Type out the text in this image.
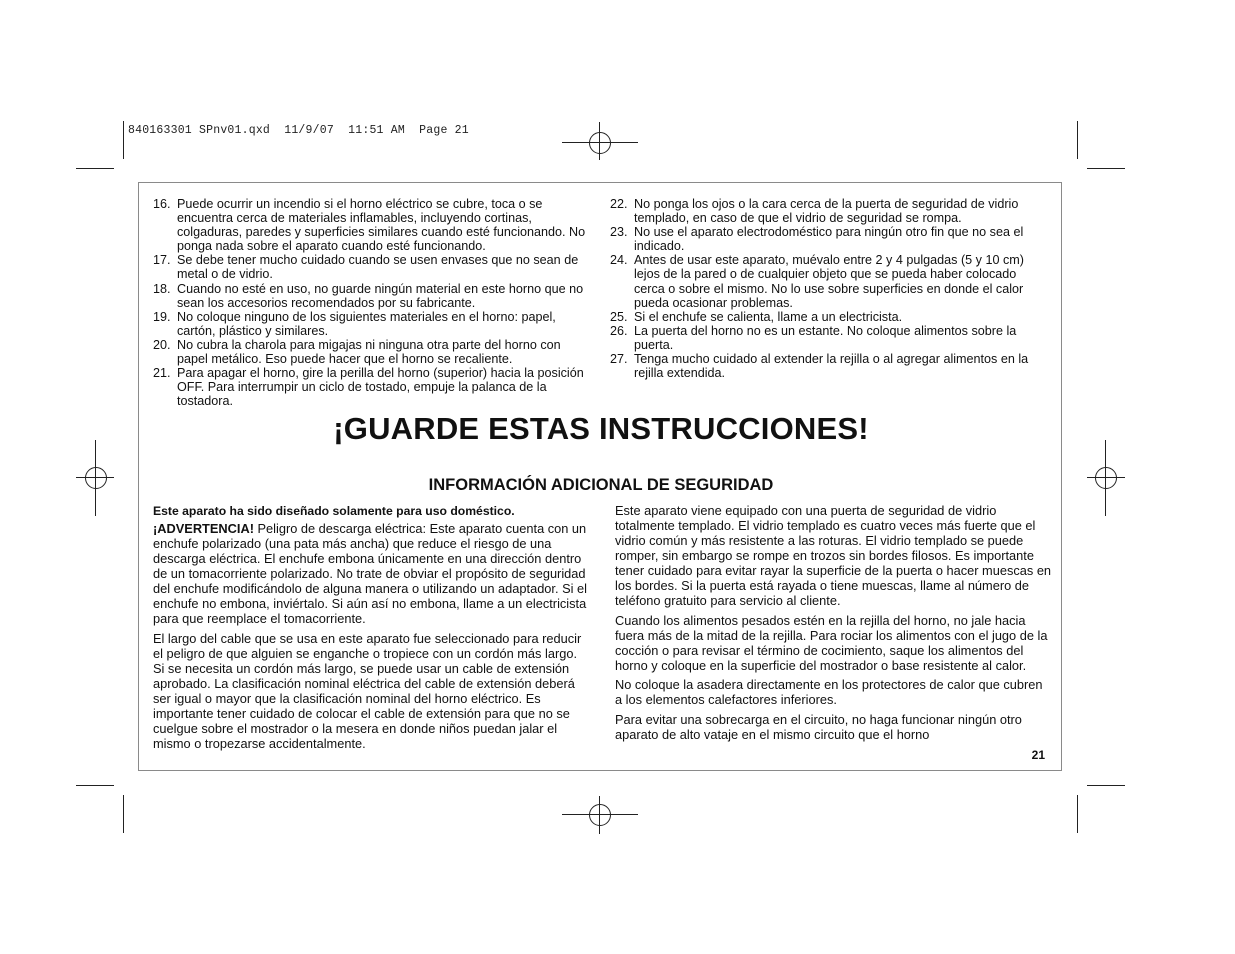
840163301 SPnv01.qxd  11/9/07  11:51 AM  Page 21
16. Puede ocurrir un incendio si el horno eléctrico se cubre, toca o se encuentra cerca de materiales inflamables, incluyendo cortinas, colgaduras, paredes y superficies similares cuando esté funcionando. No ponga nada sobre el aparato cuando esté funcionando.
17. Se debe tener mucho cuidado cuando se usen envases que no sean de metal o de vidrio.
18. Cuando no esté en uso, no guarde ningún material en este horno que no sean los accesorios recomendados por su fabricante.
19. No coloque ninguno de los siguientes materiales en el horno: papel, cartón, plástico y similares.
20. No cubra la charola para migajas ni ninguna otra parte del horno con papel metálico. Eso puede hacer que el horno se recaliente.
21. Para apagar el horno, gire la perilla del horno (superior) hacia la posición OFF. Para interrumpir un ciclo de tostado, empuje la palanca de la tostadora.
22. No ponga los ojos o la cara cerca de la puerta de seguridad de vidrio templado, en caso de que el vidrio de seguridad se rompa.
23. No use el aparato electrodoméstico para ningún otro fin que no sea el indicado.
24. Antes de usar este aparato, muévalo entre 2 y 4 pulgadas (5 y 10 cm) lejos de la pared o de cualquier objeto que se pueda haber colocado cerca o sobre el mismo. No lo use sobre superficies en donde el calor pueda ocasionar problemas.
25. Si el enchufe se calienta, llame a un electricista.
26. La puerta del horno no es un estante. No coloque alimentos sobre la puerta.
27. Tenga mucho cuidado al extender la rejilla o al agregar alimentos en la rejilla extendida.
¡GUARDE ESTAS INSTRUCCIONES!
INFORMACIÓN ADICIONAL DE SEGURIDAD

Este aparato ha sido diseñado solamente para uso doméstico.

¡ADVERTENCIA! Peligro de descarga eléctrica: Este aparato cuenta con un enchufe polarizado (una pata más ancha) que reduce el riesgo de una descarga eléctrica. El enchufe embona únicamente en una dirección dentro de un tomacorriente polarizado. No trate de obviar el propósito de seguridad del enchufe modificándolo de alguna manera o utilizando un adaptador. Si el enchufe no embona, inviértalo. Si aún así no embona, llame a un electricista para que reemplace el tomacorriente.

El largo del cable que se usa en este aparato fue seleccionado para reducir el peligro de que alguien se enganche o tropiece con un cordón más largo. Si se necesita un cordón más largo, se puede usar un cable de extensión aprobado. La clasificación nominal eléctrica del cable de extensión deberá ser igual o mayor que la clasificación nominal del horno eléctrico. Es importante tener cuidado de colocar el cable de extensión para que no se cuelgue sobre el mostrador o la mesera en donde niños puedan jalar el mismo o tropezarse accidentalmente.

Este aparato viene equipado con una puerta de seguridad de vidrio totalmente templado. El vidrio templado es cuatro veces más fuerte que el vidrio común y más resistente a las roturas. El vidrio templado se puede romper, sin embargo se rompe en trozos sin bordes filosos. Es importante tener cuidado para evitar rayar la superficie de la puerta o hacer muescas en los bordes. Si la puerta está rayada o tiene muescas, llame al número de teléfono gratuito para servicio al cliente.

Cuando los alimentos pesados estén en la rejilla del horno, no jale hacia fuera más de la mitad de la rejilla. Para rociar los alimentos con el jugo de la cocción o para revisar el término de cocimiento, saque los alimentos del horno y coloque en la superficie del mostrador o base resistente al calor.

No coloque la asadera directamente en los protectores de calor que cubren a los elementos calefactores inferiores.

Para evitar una sobrecarga en el circuito, no haga funcionar ningún otro aparato de alto vataje en el mismo circuito que el horno

21
